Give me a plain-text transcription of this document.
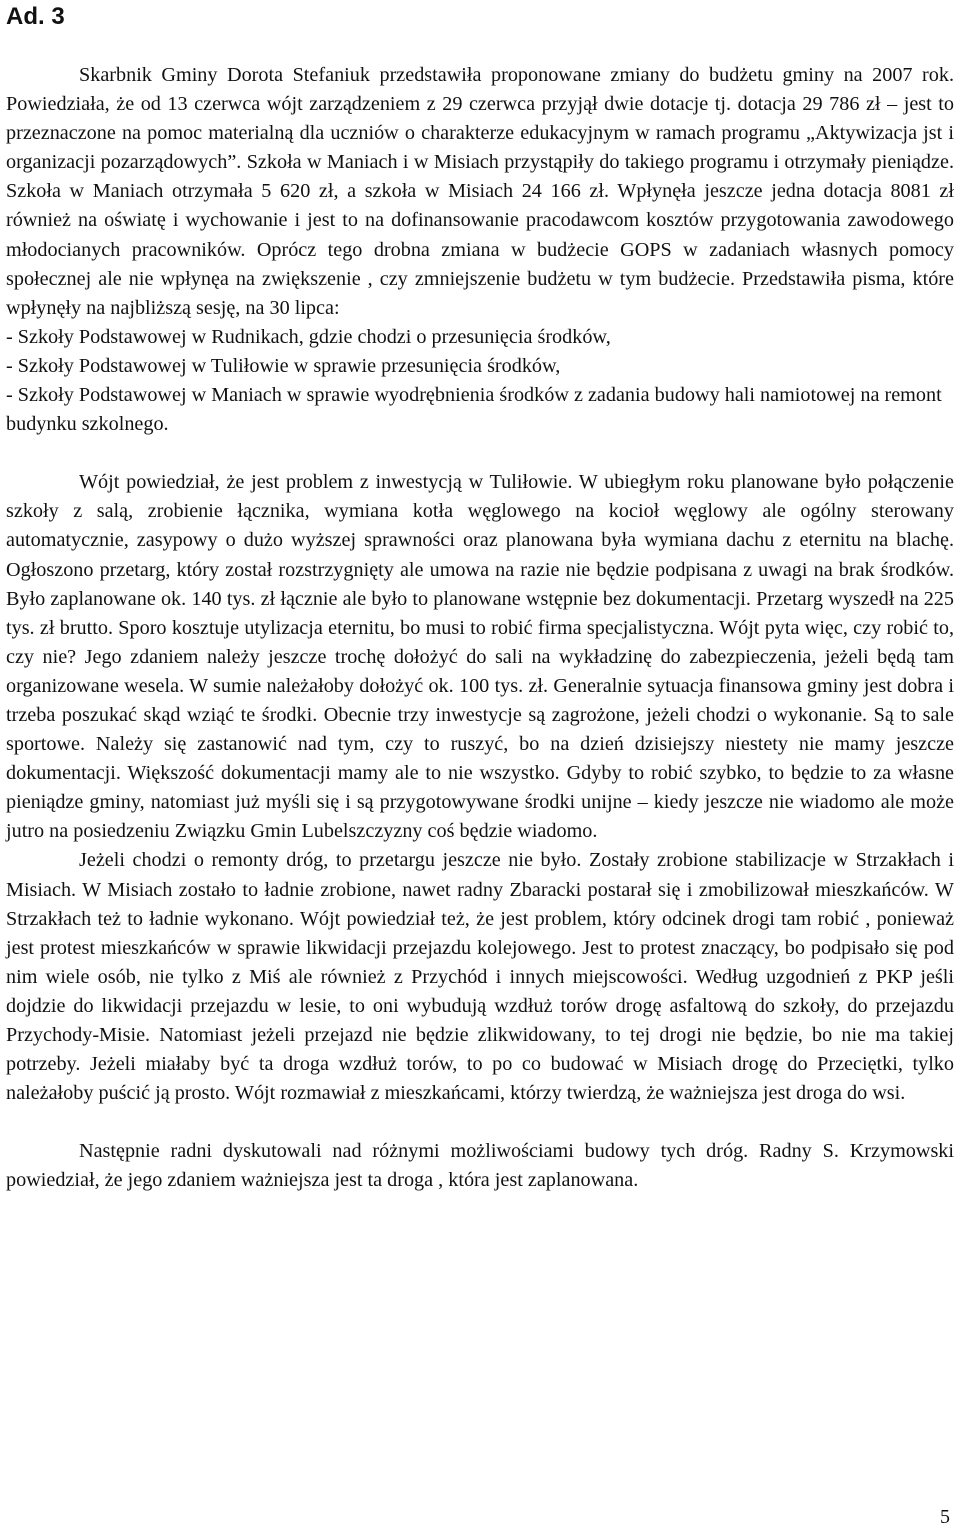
Ad. 3

Skarbnik Gminy Dorota Stefaniuk przedstawiła proponowane zmiany do budżetu gminy na 2007 rok. Powiedziała, że od 13 czerwca wójt zarządzeniem z 29 czerwca przyjął dwie dotacje tj. dotacja 29 786 zł – jest to przeznaczone na pomoc materialną dla uczniów o charakterze edukacyjnym w ramach programu „Aktywizacja jst i organizacji pozarządowych”. Szkoła w Maniach i w Misiach przystąpiły do takiego programu i otrzymały pieniądze. Szkoła w Maniach otrzymała 5 620 zł, a szkoła w Misiach 24 166 zł. Wpłynęła jeszcze jedna dotacja 8081 zł również na oświatę i wychowanie i jest to na dofinansowanie pracodawcom kosztów przygotowania zawodowego młodocianych pracowników. Oprócz tego drobna zmiana w budżecie GOPS w zadaniach własnych pomocy społecznej ale nie wpłynęa na zwiększenie , czy zmniejszenie budżetu w tym budżecie. Przedstawiła pisma, które wpłynęły na najbliższą sesję, na 30 lipca:

- Szkoły Podstawowej w Rudnikach, gdzie chodzi o przesunięcia środków,

- Szkoły Podstawowej w Tuliłowie w sprawie przesunięcia środków,

- Szkoły Podstawowej w Maniach w sprawie wyodrębnienia środków z zadania budowy hali namiotowej na remont budynku szkolnego.

Wójt powiedział, że jest problem z inwestycją w Tuliłowie. W ubiegłym roku planowane było połączenie szkoły z salą, zrobienie łącznika, wymiana kotła węglowego na kocioł węglowy ale ogólny sterowany automatycznie, zasypowy o dużo wyższej sprawności oraz planowana była wymiana dachu z eternitu na blachę. Ogłoszono przetarg, który został rozstrzygnięty ale umowa na razie nie będzie podpisana z uwagi na brak środków. Było zaplanowane ok. 140 tys. zł łącznie ale było to planowane wstępnie bez dokumentacji. Przetarg wyszedł na 225 tys. zł brutto. Sporo kosztuje utylizacja eternitu, bo musi to robić firma specjalistyczna. Wójt pyta więc, czy robić to, czy nie? Jego zdaniem należy jeszcze trochę dołożyć do sali na wykładzinę do zabezpieczenia, jeżeli będą tam organizowane wesela. W sumie należałoby dołożyć ok. 100 tys. zł. Generalnie sytuacja finansowa gminy jest dobra i trzeba poszukać skąd wziąć te środki. Obecnie trzy inwestycje są zagrożone, jeżeli chodzi o wykonanie. Są to sale sportowe. Należy się zastanowić nad tym, czy to ruszyć, bo na dzień dzisiejszy niestety nie mamy jeszcze dokumentacji. Większość dokumentacji mamy ale to nie wszystko. Gdyby to robić szybko, to będzie to za własne pieniądze gminy, natomiast już myśli się i są przygotowywane środki unijne – kiedy jeszcze nie wiadomo ale może jutro na posiedzeniu Związku Gmin Lubelszczyzny coś będzie wiadomo.

Jeżeli chodzi o remonty dróg, to przetargu jeszcze nie było. Zostały zrobione stabilizacje w Strzakłach i Misiach. W Misiach zostało to ładnie zrobione, nawet radny Zbaracki postarał się i zmobilizował mieszkańców. W Strzakłach też to ładnie wykonano. Wójt powiedział też, że jest problem, który odcinek drogi tam robić , ponieważ jest protest mieszkańców w sprawie likwidacji przejazdu kolejowego. Jest to protest znaczący, bo podpisało się pod nim wiele osób, nie tylko z Miś ale również z Przychód i innych miejscowości. Według uzgodnień z PKP jeśli dojdzie do likwidacji przejazdu w lesie, to oni wybudują wzdłuż torów drogę asfaltową do szkoły, do przejazdu Przychody-Misie. Natomiast jeżeli przejazd nie będzie zlikwidowany, to tej drogi nie będzie, bo nie ma takiej potrzeby. Jeżeli miałaby być ta droga wzdłuż torów, to po co budować w Misiach drogę do Przeciętki, tylko należałoby puścić ją prosto. Wójt rozmawiał z mieszkańcami, którzy twierdzą, że ważniejsza jest droga do wsi.

Następnie radni dyskutowali nad różnymi możliwościami budowy tych dróg. Radny S. Krzymowski powiedział, że jego zdaniem ważniejsza jest ta droga , która jest zaplanowana.

5
